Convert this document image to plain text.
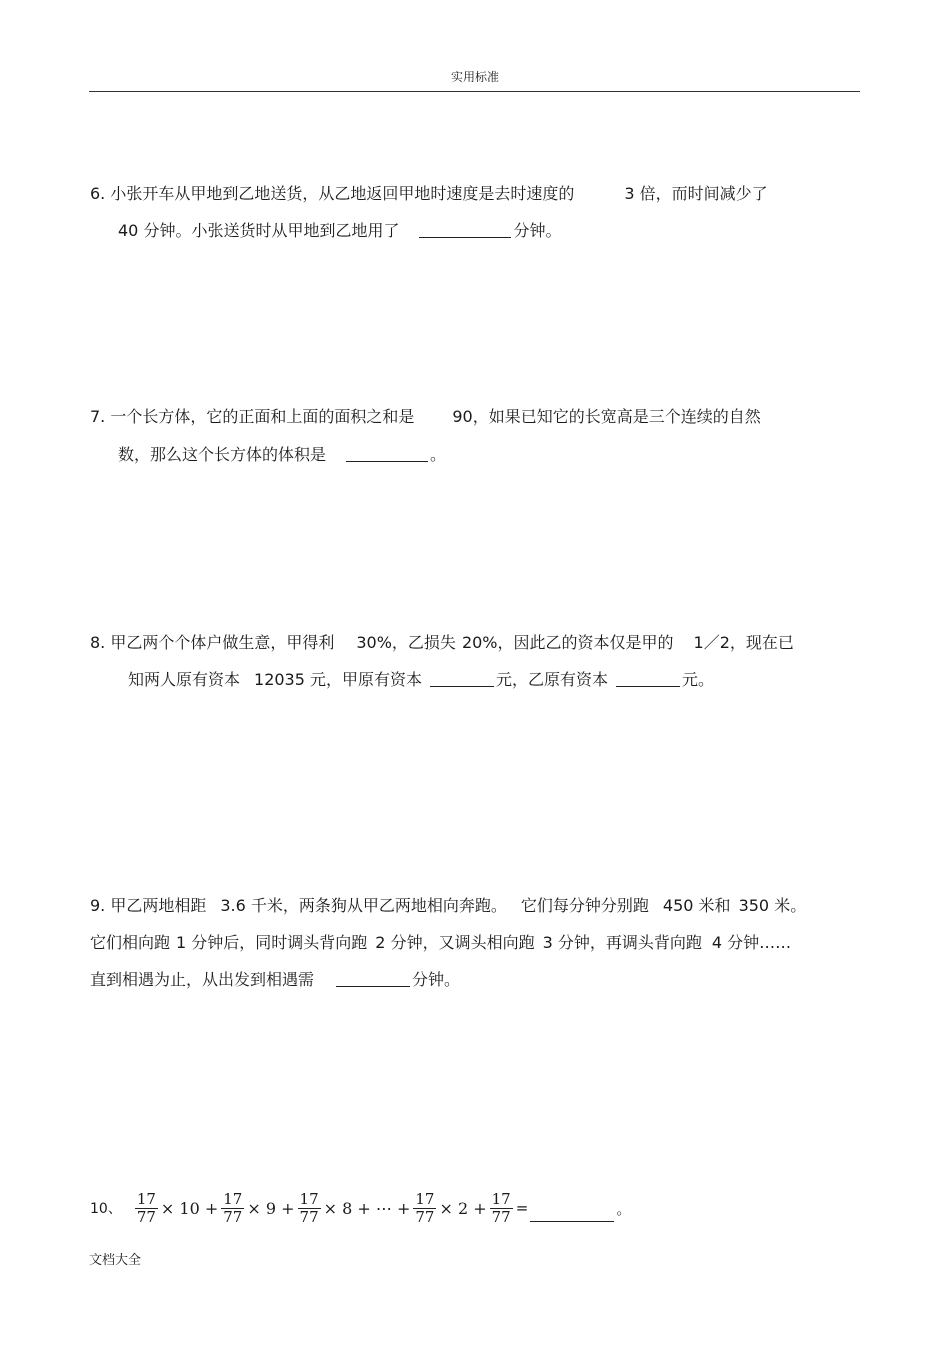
实用标准
6. 小张开车从甲地到乙地送货，从乙地返回甲地时速度是去时速度的	3 倍，而时间减少了
40 分钟。小张送货时从甲地到乙地用了	分钟。
7. 一个长方体，它的正面和上面的面积之和是 90，如果已知它的长宽高是三个连续的自然
数，那么这个长方体的体积是	。
8. 甲乙两个个体户做生意，甲得利 30%，乙损失 20%，因此乙的资本仅是甲的 1／2，现在已
知两人原有资本 12035 元，甲原有资本	元，乙原有资本	元。
9. 甲乙两地相距 3.6 千米，两条狗从甲乙两地相向奔跑。 它们每分钟分别跑 450 米和 350 米。
它们相向跑 1 分钟后，同时调头背向跑 2 分钟，又调头相向跑 3 分钟，再调头背向跑 4 分钟……
直到相遇为止，从出发到相遇需	分钟。
10、 $\frac{17}{77} \times 10 + \frac{17}{77} \times 9 + \frac{17}{77} \times 8$ + ⋯ + $\frac{17}{77} \times 2 + \frac{17}{77}$ =	。
文档大全
